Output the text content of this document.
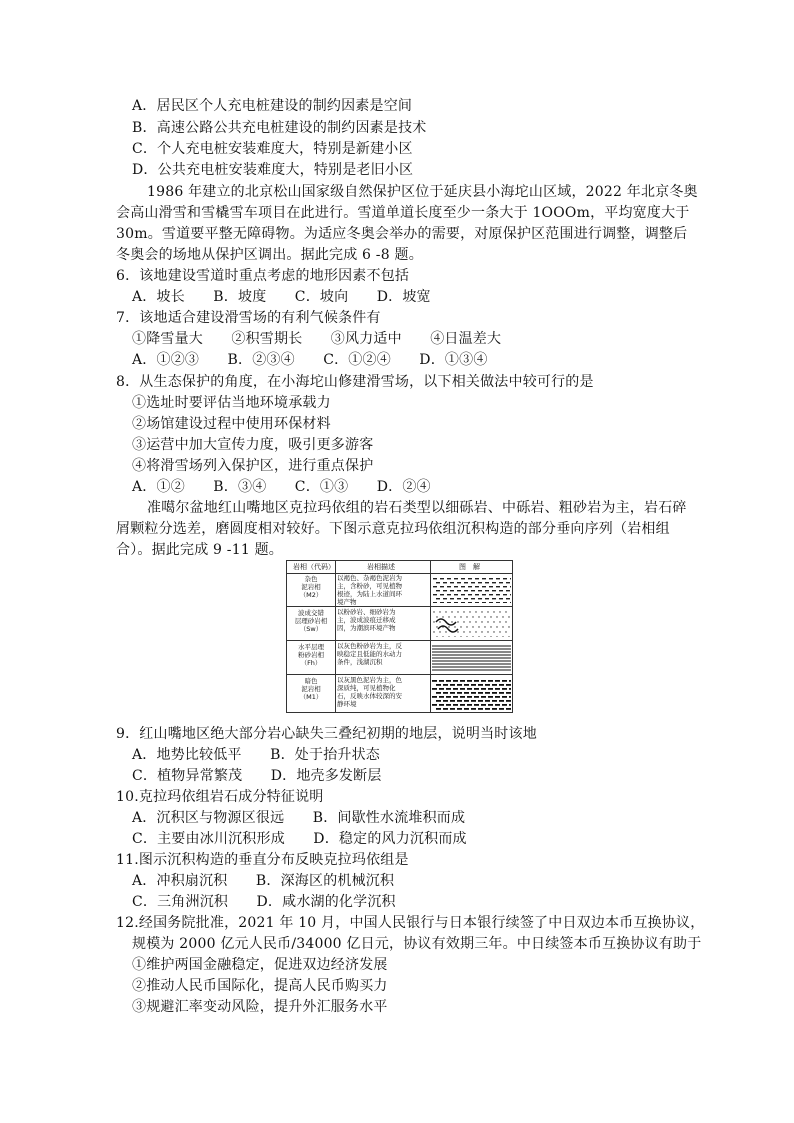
A．居民区个人充电桩建设的制约因素是空间
B．高速公路公共充电桩建设的制约因素是技术
C．个人充电桩安装难度大，特别是新建小区
D．公共充电桩安装难度大，特别是老旧小区
1986 年建立的北京松山国家级自然保护区位于延庆县小海坨山区域，2022 年北京冬奥
会高山滑雪和雪橇雪车项目在此进行。雪道单道长度至少一条大于 1OOOm，平均宽度大于
30m。雪道要平整无障碍物。为适应冬奥会举办的需要，对原保护区范围进行调整，调整后
冬奥会的场地从保护区调出。据此完成 6 -8 题。
6．该地建设雪道时重点考虑的地形因素不包括
A．坡长　　B．坡度　　C．坡向　　D．坡宽
7．该地适合建设滑雪场的有利气候条件有
①降雪量大　　②积雪期长　　③风力适中　　④日温差大
A．①②③　　B．②③④　　C．①②④　　D．①③④
8．从生态保护的角度，在小海坨山修建滑雪场，以下相关做法中较可行的是
①选址时要评估当地环境承载力
②场馆建设过程中使用环保材料
③运营中加大宣传力度，吸引更多游客
④将滑雪场列入保护区，进行重点保护
A．①②　　B．③④　　C．①③　　D．②④
准噶尔盆地红山嘴地区克拉玛依组的岩石类型以细砾岩、中砾岩、粗砂岩为主，岩石碎
屑颗粒分选差，磨圆度相对较好。下图示意克拉玛依组沉积构造的部分垂向序列（岩相组
合）。据此完成 9 -11 题。
9．红山嘴地区绝大部分岩心缺失三叠纪初期的地层，说明当时该地
A．地势比较低平　　B．处于抬升状态
C．植物异常繁茂　　D．地壳多发断层
10.克拉玛依组岩石成分特征说明
A．沉积区与物源区很远　　B．间歇性水流堆积而成
C．主要由冰川沉积形成　　D．稳定的风力沉积而成
11.图示沉积构造的垂直分布反映克拉玛依组是
A．冲积扇沉积　　B．深海区的机械沉积
C．三角洲沉积　　D．咸水湖的化学沉积
12.经国务院批准，2021 年 10 月，中国人民银行与日本银行续签了中日双边本币互换协议，
规模为 2000 亿元人民币/34000 亿日元，协议有效期三年。中日续签本币互换协议有助于
①维护两国金融稳定，促进双边经济发展
②推动人民币国际化，提高人民币购买力
③规避汇率变动风险，提升外汇服务水平
岩相（代码）	岩相描述	图　解
杂色
泥岩相
（M2）
以褐色、杂褐色泥岩为
主，含粉砂，可见植物
根迹，为陆上水道间环
境产物
波成交错
层理砂岩相
（Sw）
以粉砂岩、细砂岩为
主，波成波痕迁移成
因，为潮滨环境产物
水平层理
粉砂岩相
（Fh）
以灰色粉砂岩为主，反
映稳定且低能的水动力
条件，浅湖沉积
暗色
泥岩相
（M1）
以灰黑色泥岩为主，色
深质纯，可见植物化
石，反映水体较深的安
静环境
